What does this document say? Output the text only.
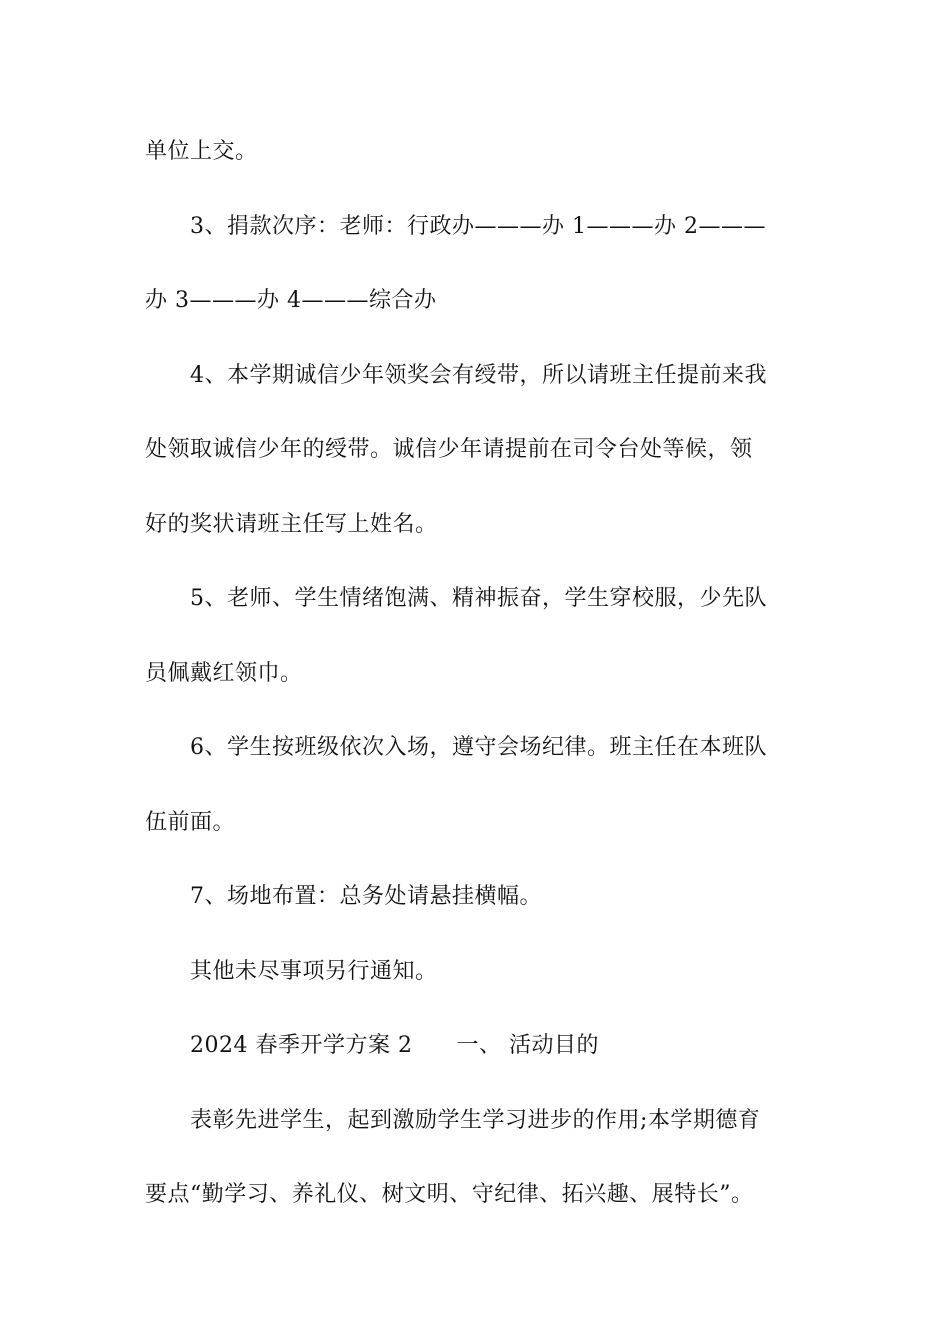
单位上交。
3、捐款次序：老师：行政办———办 1———办 2———
办 3———办 4———综合办
4、本学期诚信少年领奖会有绶带，所以请班主任提前来我
处领取诚信少年的绶带。诚信少年请提前在司令台处等候，领
好的奖状请班主任写上姓名。
5、老师、学生情绪饱满、精神振奋，学生穿校服，少先队
员佩戴红领巾。
6、学生按班级依次入场，遵守会场纪律。班主任在本班队
伍前面。
7、场地布置：总务处请悬挂横幅。
其他未尽事项另行通知。
2024 春季开学方案 2 一、 活动目的
表彰先进学生，起到激励学生学习进步的作用;本学期德育
要点“勤学习、养礼仪、树文明、守纪律、拓兴趣、展特长”。
